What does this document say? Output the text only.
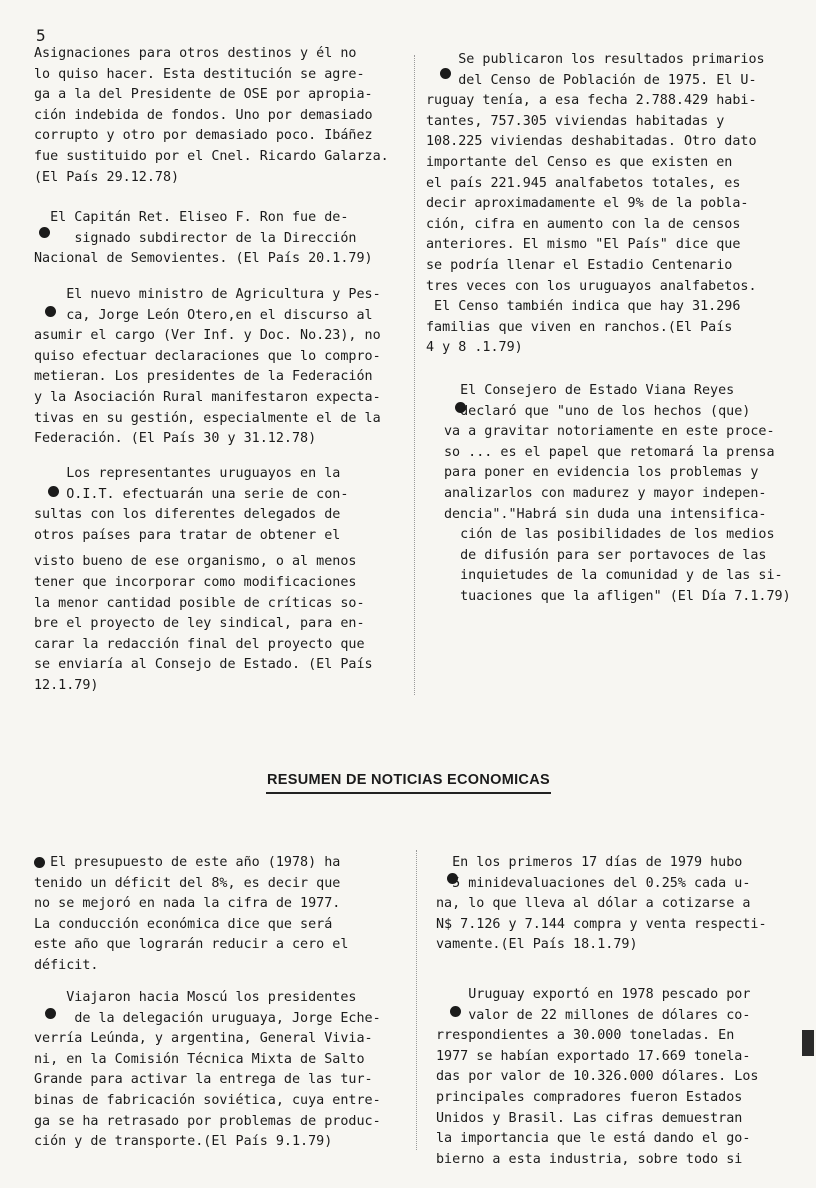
5
Asignaciones para otros destinos y él no
lo quiso hacer. Esta destitución se agre-
ga a la del Presidente de OSE por apropia-
ción indebida de fondos. Uno por demasiado
corrupto y otro por demasiado poco. Ibáñez
fue sustituido por el Cnel. Ricardo Galarza.
(El País 29.12.78)
El Capitán Ret. Eliseo F. Ron fue de-
signado subdirector de la Dirección
Nacional de Semovientes. (El País 20.1.79)
El nuevo ministro de Agricultura y Pes-
ca, Jorge León Otero,en el discurso al
asumir el cargo (Ver Inf. y Doc. No.23), no
quiso efectuar declaraciones que lo compro-
metieran. Los presidentes de la Federación
y la Asociación Rural manifestaron expecta-
tivas en su gestión, especialmente el de la
Federación. (El País 30 y 31.12.78)
Los representantes uruguayos en la
O.I.T. efectuarán una serie de con-
sultas con los diferentes delegados de
otros países para tratar de obtener el
visto bueno de ese organismo, o al menos
tener que incorporar como modificaciones
la menor cantidad posible de críticas so-
bre el proyecto de ley sindical, para en-
carar la redacción final del proyecto que
se enviaría al Consejo de Estado. (El País
12.1.79)
Se publicaron los resultados primarios
del Censo de Población de 1975. El U-
ruguay tenía, a esa fecha 2.788.429 habi-
tantes, 757.305 viviendas habitadas y
108.225 viviendas deshabitadas. Otro dato
importante del Censo es que existen en
el país 221.945 analfabetos totales, es
decir aproximadamente el 9% de la pobla-
ción, cifra en aumento con la de censos
anteriores. El mismo "El País" dice que
se podría llenar el Estadio Centenario
tres veces con los uruguayos analfabetos.
El Censo también indica que hay 31.296
familias que viven en ranchos.(El País
4 y 8 .1.79)
El Consejero de Estado Viana Reyes
declaró que "uno de los hechos (que)
va a gravitar notoriamente en este proce-
so ... es el papel que retomará la prensa
para poner en evidencia los problemas y
analizarlos con madurez y mayor indepen-
dencia"."Habrá sin duda una intensifica-
ción de las posibilidades de los medios
de difusión para ser portavoces de las
inquietudes de la comunidad y de las si-
tuaciones que la afligen" (El Día 7.1.79)
RESUMEN DE NOTICIAS ECONOMICAS
El presupuesto de este año (1978) ha
tenido un déficit del 8%, es decir que
no se mejoró en nada la cifra de 1977.
La conducción económica dice que será
este año que lograrán reducir a cero el
déficit.
Viajaron hacia Moscú los presidentes
de la delegación uruguaya, Jorge Eche-
verría Leúnda, y argentina, General Vivia-
ni, en la Comisión Técnica Mixta de Salto
Grande para activar la entrega de las tur-
binas de fabricación soviética, cuya entre-
ga se ha retrasado por problemas de produc-
ción y de transporte.(El País 9.1.79)
En los primeros 17 días de 1979 hubo
5 minidevaluaciones del 0.25% cada u-
na, lo que lleva al dólar a cotizarse a
N$ 7.126 y 7.144 compra y venta respecti-
vamente.(El País 18.1.79)
Uruguay exportó en 1978 pescado por
valor de 22 millones de dólares co-
rrespondientes a 30.000 toneladas. En
1977 se habían exportado 17.669 tonela-
das por valor de 10.326.000 dólares. Los
principales compradores fueron Estados
Unidos y Brasil. Las cifras demuestran
la importancia que le está dando el go-
bierno a esta industria, sobre todo si
